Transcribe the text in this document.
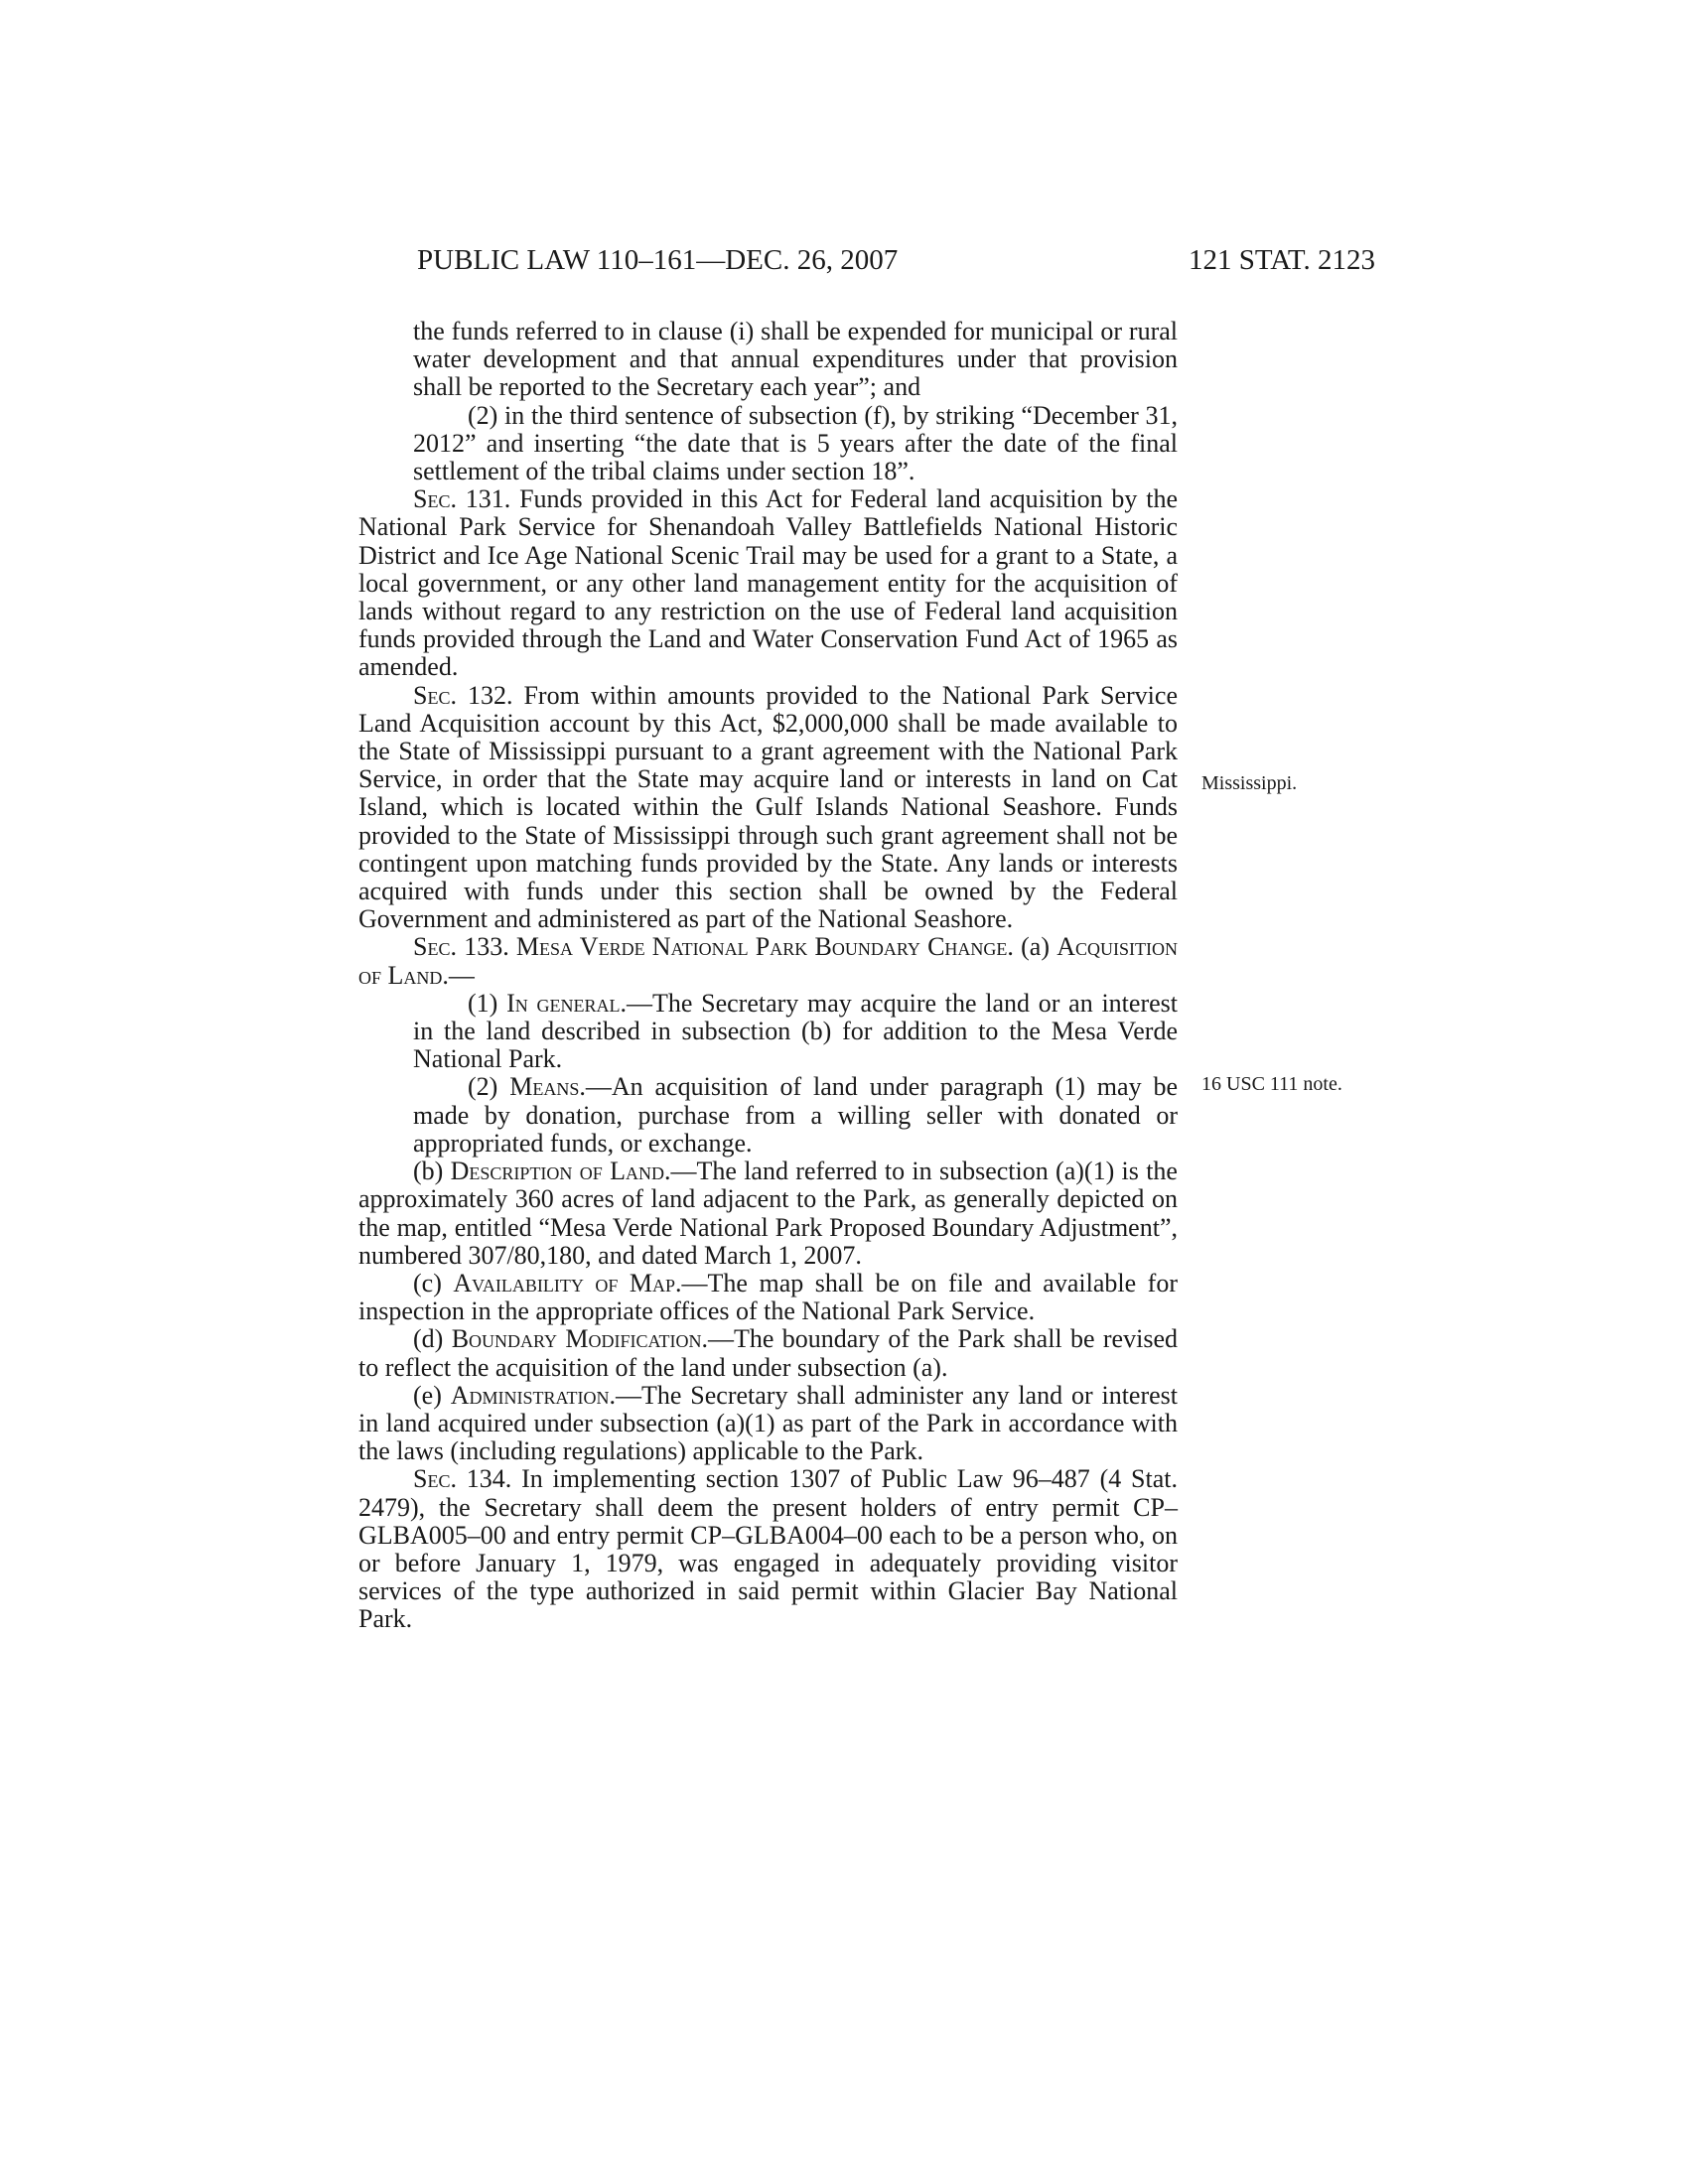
PUBLIC LAW 110–161—DEC. 26, 2007	121 STAT. 2123

the funds referred to in clause (i) shall be expended for municipal or rural water development and that annual expenditures under that provision shall be reported to the Secretary each year”; and

(2) in the third sentence of subsection (f), by striking “December 31, 2012” and inserting “the date that is 5 years after the date of the final settlement of the tribal claims under section 18”.

Sec. 131. Funds provided in this Act for Federal land acquisition by the National Park Service for Shenandoah Valley Battlefields National Historic District and Ice Age National Scenic Trail may be used for a grant to a State, a local government, or any other land management entity for the acquisition of lands without regard to any restriction on the use of Federal land acquisition funds provided through the Land and Water Conservation Fund Act of 1965 as amended.

Sec. 132. From within amounts provided to the National Park Service Land Acquisition account by this Act, $2,000,000 shall be made available to the State of Mississippi pursuant to a grant agreement with the National Park Service, in order that the State may acquire land or interests in land on Cat Island, which is located within the Gulf Islands National Seashore. Funds provided to the State of Mississippi through such grant agreement shall not be contingent upon matching funds provided by the State. Any lands or interests acquired with funds under this section shall be owned by the Federal Government and administered as part of the National Seashore.

Sec. 133. Mesa Verde National Park Boundary Change. (a) Acquisition of Land.—

(1) In general.—The Secretary may acquire the land or an interest in the land described in subsection (b) for addition to the Mesa Verde National Park.

(2) Means.—An acquisition of land under paragraph (1) may be made by donation, purchase from a willing seller with donated or appropriated funds, or exchange.

(b) Description of Land.—The land referred to in subsection (a)(1) is the approximately 360 acres of land adjacent to the Park, as generally depicted on the map, entitled “Mesa Verde National Park Proposed Boundary Adjustment”, numbered 307/80,180, and dated March 1, 2007.

(c) Availability of Map.—The map shall be on file and available for inspection in the appropriate offices of the National Park Service.

(d) Boundary Modification.—The boundary of the Park shall be revised to reflect the acquisition of the land under subsection (a).

(e) Administration.—The Secretary shall administer any land or interest in land acquired under subsection (a)(1) as part of the Park in accordance with the laws (including regulations) applicable to the Park.

Sec. 134. In implementing section 1307 of Public Law 96–487 (4 Stat. 2479), the Secretary shall deem the present holders of entry permit CP–GLBA005–00 and entry permit CP–GLBA004–00 each to be a person who, on or before January 1, 1979, was engaged in adequately providing visitor services of the type authorized in said permit within Glacier Bay National Park.

Mississippi.
16 USC 111 note.
